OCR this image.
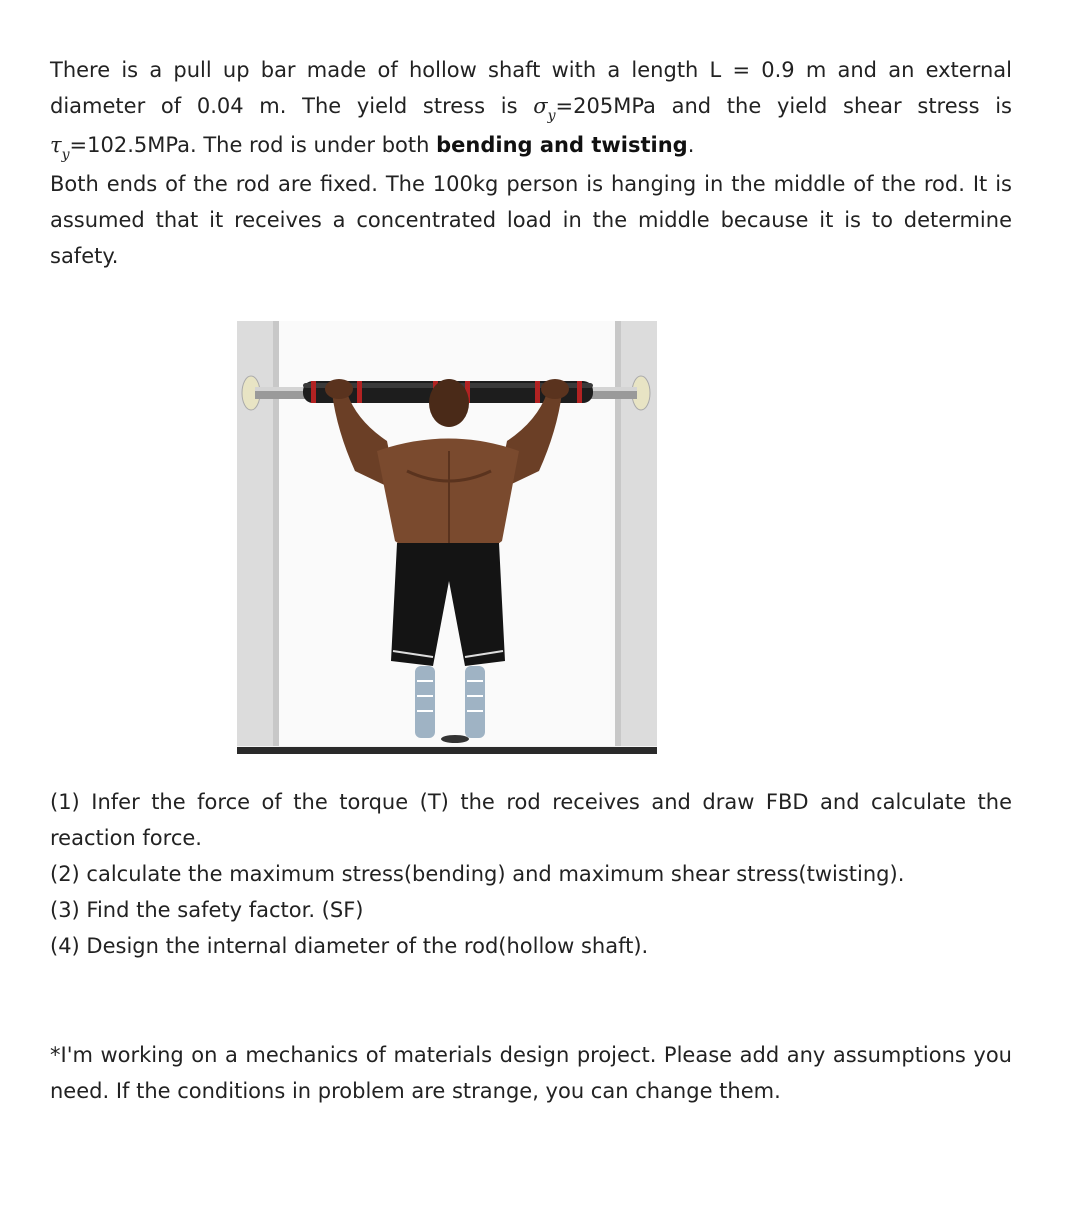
There is a pull up bar made of hollow shaft with a length L = 0.9 m and an external diameter of 0.04 m. The yield stress is $\sigma_y=205MPa$ and the yield shear stress is $\tau_y=102.5MPa$. The rod is under both bending and twisting.

Both ends of the rod are fixed. The 100kg person is hanging in the middle of the rod. It is assumed that it receives a concentrated load in the middle because it is to determine safety.

(1) Infer the force of the torque (T) the rod receives and draw FBD and calculate the reaction force.

(2) calculate the maximum stress(bending) and maximum shear stress(twisting).

(3) Find the safety factor. (SF)

(4) Design the internal diameter of the rod(hollow shaft).

*I'm working on a mechanics of materials design project. Please add any assumptions you need. If the conditions in problem are strange, you can change them.
